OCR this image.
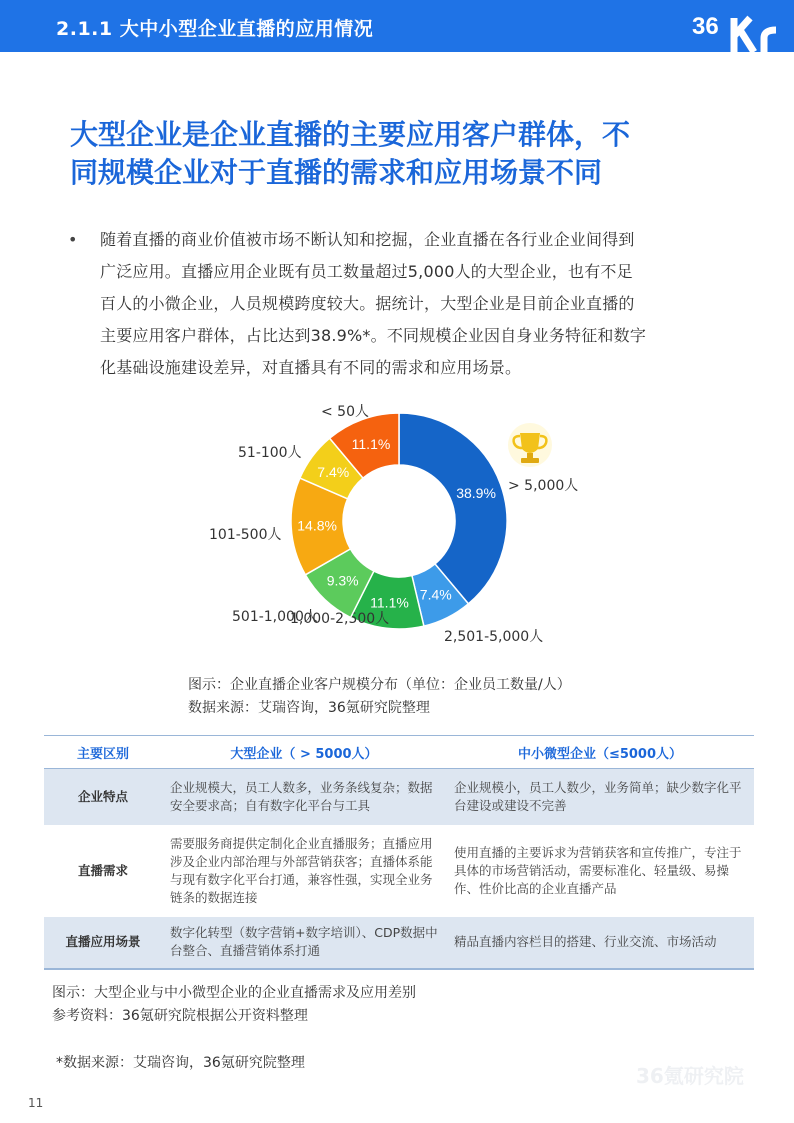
2.1.1 大中小型企业直播的应用情况	36
大型企业是企业直播的主要应用客户群体，不
同规模企业对于直播的需求和应用场景不同
• 随着直播的商业价值被市场不断认知和挖掘，企业直播在各行业企业间得到
广泛应用。直播应用企业既有员工数量超过5,000人的大型企业，也有不足
百人的小微企业，人员规模跨度较大。据统计，大型企业是目前企业直播的
主要应用客户群体，占比达到38.9%*。不同规模企业因自身业务特征和数字
化基础设施建设差异，对直播具有不同的需求和应用场景。
38.9% > 5,000人
7.4%
2,501-5,000人
11.1%
1,000-2,500人
9.3%
501-1,000人
14.8%
101-500人
7.4%
51-100人
11.1%
< 50人
图示：企业直播企业客户规模分布（单位：企业员工数量/人）
数据来源：艾瑞咨询，36氪研究院整理
主要区别	大型企业（ > 5000人）	中小微型企业（≤5000人）
企业特点	企业规模大，员工人数多，业务条线复杂；数据安全要求高；自有数字化平台与工具	企业规模小，员工人数少，业务简单；缺少数字化平台建设或建设不完善
直播需求	需要服务商提供定制化企业直播服务；直播应用涉及企业内部治理与外部营销获客；直播体系能与现有数字化平台打通，兼容性强，实现全业务链条的数据连接	使用直播的主要诉求为营销获客和宣传推广，专注于具体的市场营销活动，需要标准化、轻量级、易操作、性价比高的企业直播产品
直播应用场景	数字化转型（数字营销+数字培训）、CDP数据中台整合、直播营销体系打通	精品直播内容栏目的搭建、行业交流、市场活动
图示：大型企业与中小微型企业的企业直播需求及应用差别
参考资料：36氪研究院根据公开资料整理
*数据来源：艾瑞咨询，36氪研究院整理
36氪研究院
11
